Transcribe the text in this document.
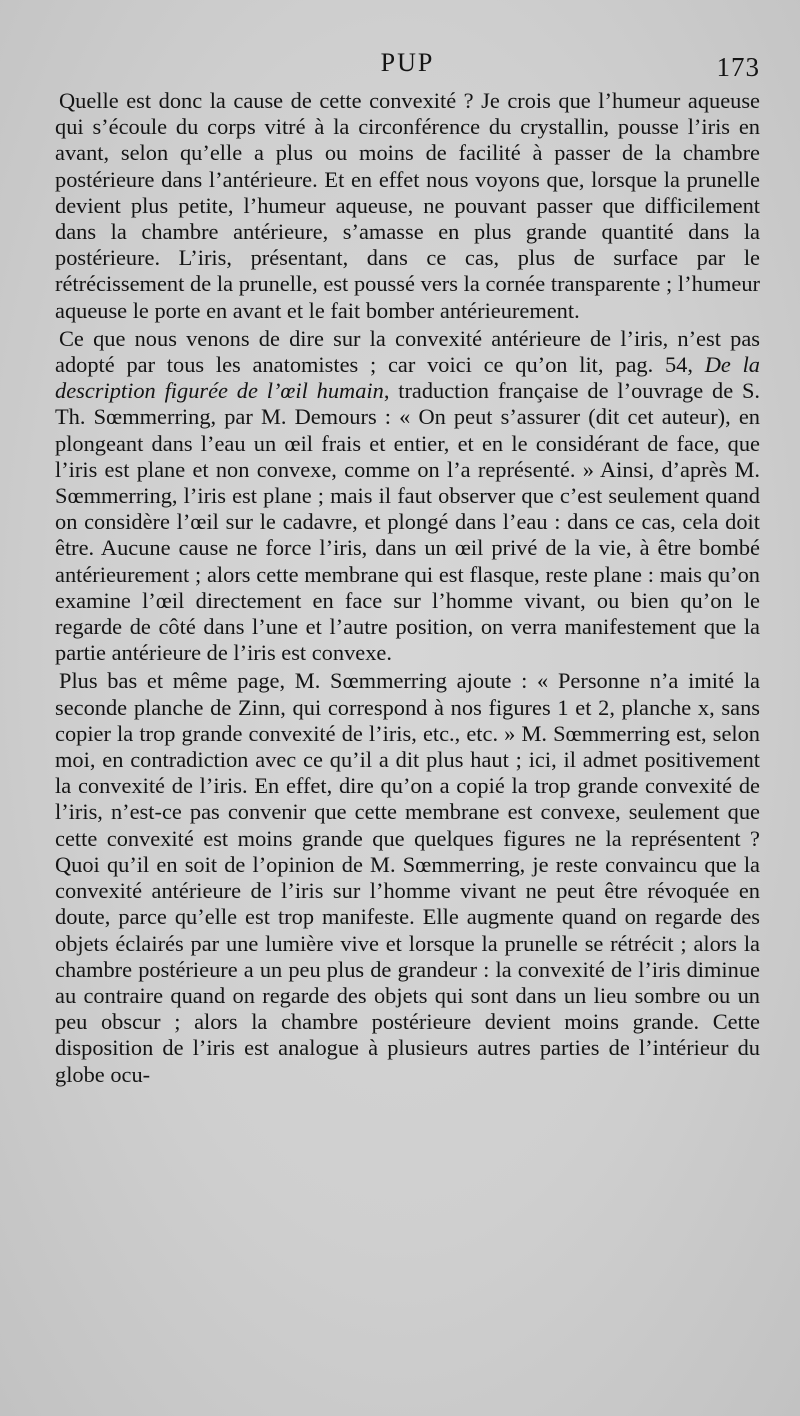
PUP	173

Quelle est donc la cause de cette convexité ? Je crois que l’humeur aqueuse qui s’écoule du corps vitré à la circonférence du crystallin, pousse l’iris en avant, selon qu’elle a plus ou moins de facilité à passer de la chambre postérieure dans l’antérieure. Et en effet nous voyons que, lorsque la prunelle devient plus petite, l’humeur aqueuse, ne pouvant passer que difficilement dans la chambre antérieure, s’amasse en plus grande quantité dans la postérieure. L’iris, présentant, dans ce cas, plus de surface par le rétrécissement de la prunelle, est poussé vers la cornée transparente ; l’humeur aqueuse le porte en avant et le fait bomber antérieurement.

Ce que nous venons de dire sur la convexité antérieure de l’iris, n’est pas adopté par tous les anatomistes ; car voici ce qu’on lit, pag. 54, De la description figurée de l’œil humain, traduction française de l’ouvrage de S. Th. Sœmmerring, par M. Demours : « On peut s’assurer (dit cet auteur), en plongeant dans l’eau un œil frais et entier, et en le considérant de face, que l’iris est plane et non convexe, comme on l’a représenté. » Ainsi, d’après M. Sœmmerring, l’iris est plane ; mais il faut observer que c’est seulement quand on considère l’œil sur le cadavre, et plongé dans l’eau : dans ce cas, cela doit être. Aucune cause ne force l’iris, dans un œil privé de la vie, à être bombé antérieurement ; alors cette membrane qui est flasque, reste plane : mais qu’on examine l’œil directement en face sur l’homme vivant, ou bien qu’on le regarde de côté dans l’une et l’autre position, on verra manifestement que la partie antérieure de l’iris est convexe.

Plus bas et même page, M. Sœmmerring ajoute : « Personne n’a imité la seconde planche de Zinn, qui correspond à nos figures 1 et 2, planche x, sans copier la trop grande convexité de l’iris, etc., etc. » M. Sœmmerring est, selon moi, en contradiction avec ce qu’il a dit plus haut ; ici, il admet positivement la convexité de l’iris. En effet, dire qu’on a copié la trop grande convexité de l’iris, n’est-ce pas convenir que cette membrane est convexe, seulement que cette convexité est moins grande que quelques figures ne la représentent ? Quoi qu’il en soit de l’opinion de M. Sœmmerring, je reste convaincu que la convexité antérieure de l’iris sur l’homme vivant ne peut être révoquée en doute, parce qu’elle est trop manifeste. Elle augmente quand on regarde des objets éclairés par une lumière vive et lorsque la prunelle se rétrécit ; alors la chambre postérieure a un peu plus de grandeur : la convexité de l’iris diminue au contraire quand on regarde des objets qui sont dans un lieu sombre ou un peu obscur ; alors la chambre postérieure devient moins grande. Cette disposition de l’iris est analogue à plusieurs autres parties de l’intérieur du globe ocu-
